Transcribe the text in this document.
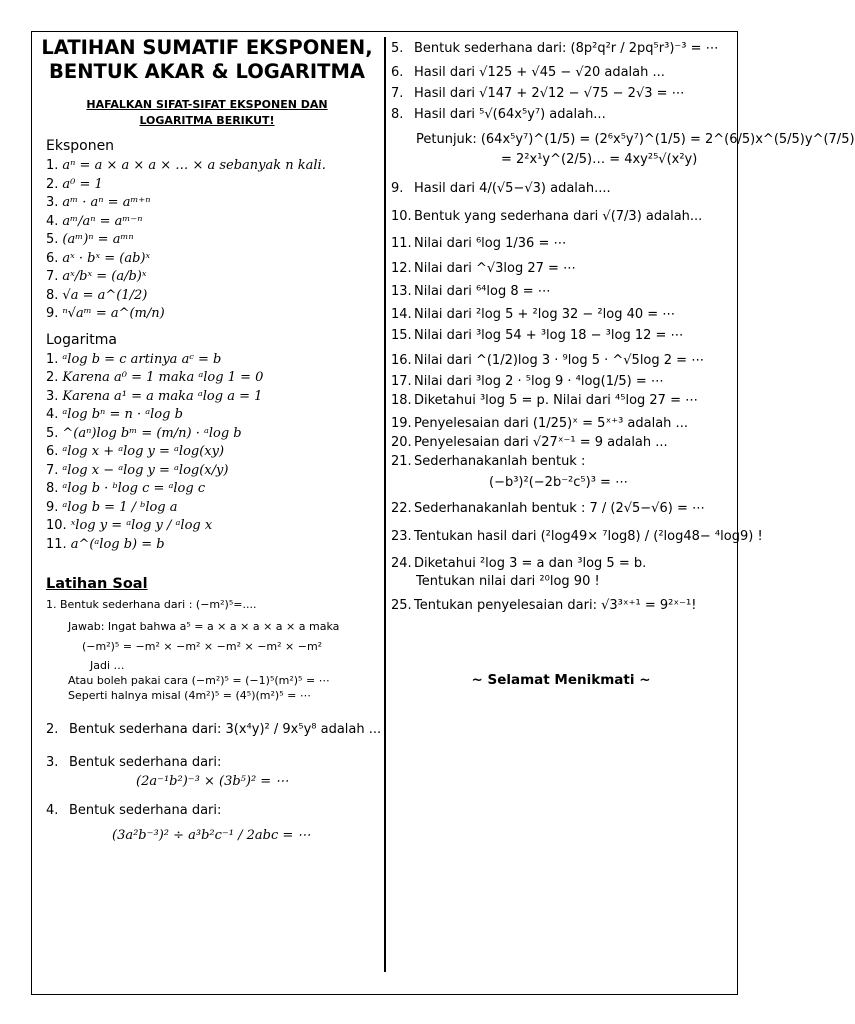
LATIHAN SUMATIF EKSPONEN,
BENTUK AKAR & LOGARITMA
HAFALKAN SIFAT-SIFAT EKSPONEN DAN
LOGARITMA BERIKUT!
Eksponen
1. aⁿ = a × a × a × … × a sebanyak n kali.
2. a⁰ = 1
3. aᵐ · aⁿ = aᵐ⁺ⁿ
4. aᵐ/aⁿ = aᵐ⁻ⁿ
5. (aᵐ)ⁿ = aᵐⁿ
6. aˣ · bˣ = (ab)ˣ
7. aˣ/bˣ = (a/b)ˣ
8. √a = a^(1/2)
9. ⁿ√aᵐ = a^(m/n)
Logaritma
1. ᵃlog b = c artinya aᶜ = b
2. Karena a⁰ = 1 maka ᵃlog 1 = 0
3. Karena a¹ = a maka ᵃlog a = 1
4. ᵃlog bⁿ = n · ᵃlog b
5. ^(aⁿ)log bᵐ = (m/n) · ᵃlog b
6. ᵃlog x + ᵃlog y = ᵃlog(xy)
7. ᵃlog x − ᵃlog y = ᵃlog(x/y)
8. ᵃlog b · ᵇlog c = ᵃlog c
9. ᵃlog b = 1 / ᵇlog a
10. ˣlog y = ᵃlog y / ᵃlog x
11. a^(ᵃlog b) = b
Latihan Soal
1. Bentuk sederhana dari : (−m²)⁵=....
Jawab: Ingat bahwa a⁵ = a × a × a × a × a maka
(−m²)⁵ = −m² × −m² × −m² × −m² × −m²
Jadi …
Atau boleh pakai cara (−m²)⁵ = (−1)⁵(m²)⁵ = ⋯
Seperti halnya misal (4m²)⁵ = (4⁵)(m²)⁵ = ⋯
2. Bentuk sederhana dari: 3(x⁴y)² / 9x⁵y⁸ adalah ...
3. Bentuk sederhana dari:
(2a⁻¹b²)⁻³ × (3b⁵)² = ⋯
4. Bentuk sederhana dari:
(3a²b⁻³)² ÷ a³b²c⁻¹ / 2abc = ⋯
5. Bentuk sederhana dari: (8p²q²r / 2pq⁵r³)⁻³ = ⋯
6. Hasil dari √125 + √45 − √20 adalah ...
7. Hasil dari √147 + 2√12 − √75 − 2√3 = ⋯
8. Hasil dari ⁵√(64x⁵y⁷) adalah...
Petunjuk: (64x⁵y⁷)^(1/5) = (2⁶x⁵y⁷)^(1/5) = 2^(6/5)x^(5/5)y^(7/5)
= 2²x¹y^(2/5)… = 4xy²⁵√(x²y)
9. Hasil dari 4/(√5−√3) adalah....
10. Bentuk yang sederhana dari √(7/3) adalah...
11. Nilai dari ⁶log 1/36 = ⋯
12. Nilai dari ^√3log 27 = ⋯
13. Nilai dari ⁶⁴log 8 = ⋯
14. Nilai dari ²log 5 + ²log 32 − ²log 40 = ⋯
15. Nilai dari ³log 54 + ³log 18 − ³log 12 = ⋯
16. Nilai dari ^(1/2)log 3 · ⁹log 5 · ^√5log 2 = ⋯
17. Nilai dari ³log 2 · ⁵log 9 · ⁴log(1/5) = ⋯
18. Diketahui ³log 5 = p. Nilai dari ⁴⁵log 27 = ⋯
19. Penyelesaian dari (1/25)ˣ = 5ˣ⁺³ adalah ...
20. Penyelesaian dari √27ˣ⁻¹ = 9 adalah ...
21. Sederhanakanlah bentuk :
(−b³)²(−2b⁻²c⁵)³ = ⋯
22. Sederhanakanlah bentuk : 7 / (2√5−√6) = ⋯
23. Tentukan hasil dari (²log49× ⁷log8) / (²log48− ⁴log9) !
24. Diketahui ²log 3 = a dan ³log 5 = b.
Tentukan nilai dari ²⁰log 90 !
25. Tentukan penyelesaian dari: √3³ˣ⁺¹ = 9²ˣ⁻¹!
~ Selamat Menikmati ~
